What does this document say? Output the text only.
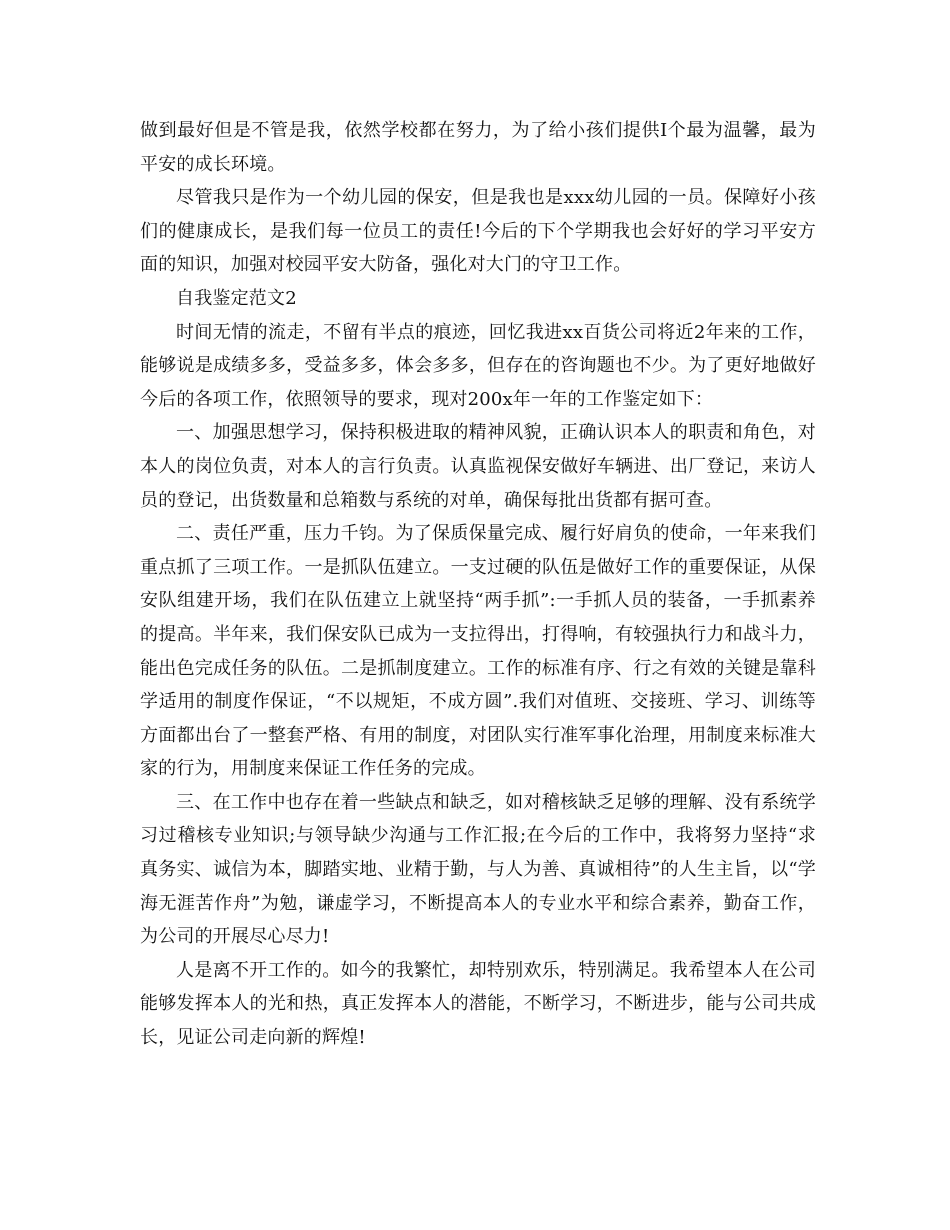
做到最好但是不管是我，依然学校都在努力，为了给小孩们提供Ⅰ个最为温馨，最为平安的成长环境。

尽管我只是作为一个幼儿园的保安，但是我也是xxx幼儿园的一员。保障好小孩们的健康成长，是我们每一位员工的责任!今后的下个学期我也会好好的学习平安方面的知识，加强对校园平安大防备，强化对大门的守卫工作。

自我鉴定范文2

时间无情的流走，不留有半点的痕迹，回忆我进xx百货公司将近2年来的工作，能够说是成绩多多，受益多多，体会多多，但存在的咨询题也不少。为了更好地做好今后的各项工作，依照领导的要求，现对200x年一年的工作鉴定如下：

一、加强思想学习，保持积极进取的精神风貌，正确认识本人的职责和角色，对本人的岗位负责，对本人的言行负责。认真监视保安做好车辆进、出厂登记，来访人员的登记，出货数量和总箱数与系统的对单，确保每批出货都有据可查。

二、责任严重，压力千钧。为了保质保量完成、履行好肩负的使命，一年来我们重点抓了三项工作。一是抓队伍建立。一支过硬的队伍是做好工作的重要保证，从保安队组建开场，我们在队伍建立上就坚持“两手抓”:一手抓人员的装备，一手抓素养的提高。半年来，我们保安队已成为一支拉得出，打得响，有较强执行力和战斗力，能出色完成任务的队伍。二是抓制度建立。工作的标准有序、行之有效的关键是靠科学适用的制度作保证，“不以规矩，不成方圆”.我们对值班、交接班、学习、训练等方面都出台了一整套严格、有用的制度，对团队实行准军事化治理，用制度来标准大家的行为，用制度来保证工作任务的完成。

三、在工作中也存在着一些缺点和缺乏，如对稽核缺乏足够的理解、没有系统学习过稽核专业知识;与领导缺少沟通与工作汇报;在今后的工作中，我将努力坚持“求真务实、诚信为本，脚踏实地、业精于勤，与人为善、真诚相待”的人生主旨，以“学海无涯苦作舟”为勉，谦虚学习，不断提高本人的专业水平和综合素养，勤奋工作，为公司的开展尽心尽力!

人是离不开工作的。如今的我繁忙，却特别欢乐，特别满足。我希望本人在公司能够发挥本人的光和热，真正发挥本人的潜能，不断学习，不断进步，能与公司共成长，见证公司走向新的辉煌!
